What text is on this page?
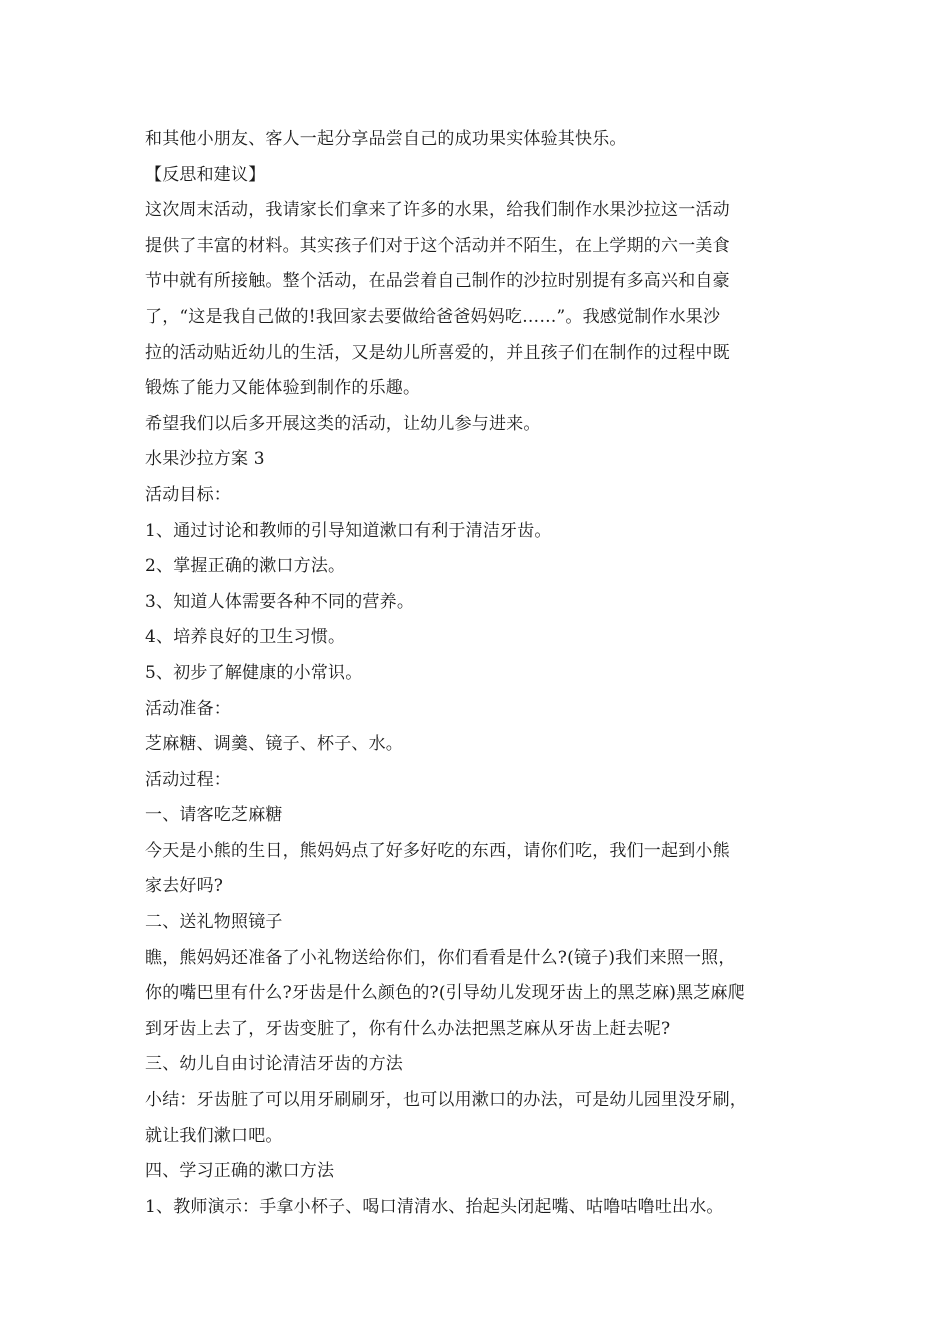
和其他小朋友、客人一起分享品尝自己的成功果实体验其快乐。
【反思和建议】
这次周末活动，我请家长们拿来了许多的水果，给我们制作水果沙拉这一活动
提供了丰富的材料。其实孩子们对于这个活动并不陌生，在上学期的六一美食
节中就有所接触。整个活动，在品尝着自己制作的沙拉时别提有多高兴和自豪
了，“这是我自己做的!我回家去要做给爸爸妈妈吃……”。我感觉制作水果沙
拉的活动贴近幼儿的生活，又是幼儿所喜爱的，并且孩子们在制作的过程中既
锻炼了能力又能体验到制作的乐趣。
希望我们以后多开展这类的活动，让幼儿参与进来。
水果沙拉方案 3
活动目标：
1、通过讨论和教师的引导知道漱口有利于清洁牙齿。
2、掌握正确的漱口方法。
3、知道人体需要各种不同的营养。
4、培养良好的卫生习惯。
5、初步了解健康的小常识。
活动准备：
芝麻糖、调羹、镜子、杯子、水。
活动过程：
一、请客吃芝麻糖
今天是小熊的生日，熊妈妈点了好多好吃的东西，请你们吃，我们一起到小熊
家去好吗?
二、送礼物照镜子
瞧，熊妈妈还准备了小礼物送给你们，你们看看是什么?(镜子)我们来照一照，
你的嘴巴里有什么?牙齿是什么颜色的?(引导幼儿发现牙齿上的黑芝麻)黑芝麻爬
到牙齿上去了，牙齿变脏了，你有什么办法把黑芝麻从牙齿上赶去呢?
三、幼儿自由讨论清洁牙齿的方法
小结：牙齿脏了可以用牙刷刷牙，也可以用漱口的办法，可是幼儿园里没牙刷，
就让我们漱口吧。
四、学习正确的漱口方法
1、教师演示：手拿小杯子、喝口清清水、抬起头闭起嘴、咕噜咕噜吐出水。
